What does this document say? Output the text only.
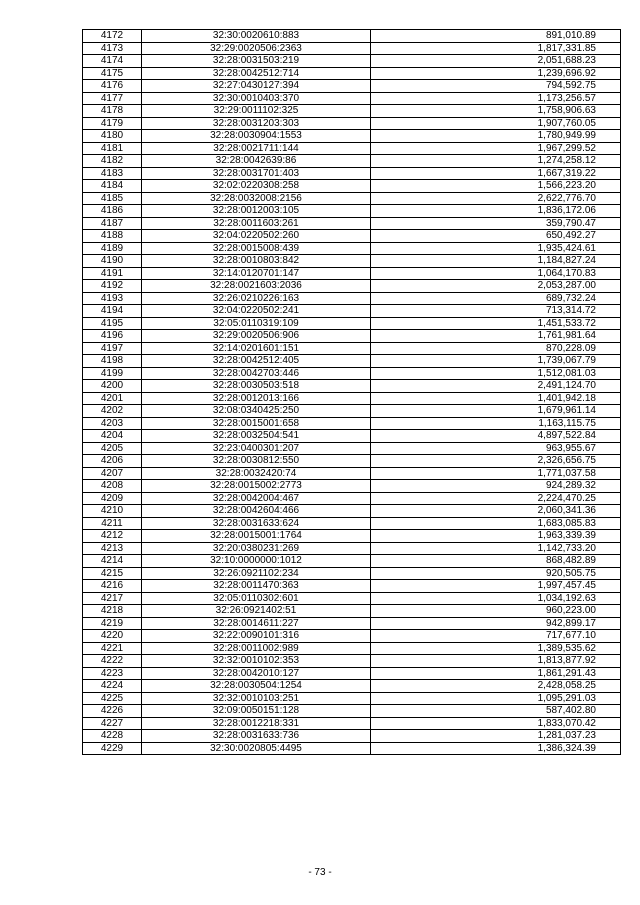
4172	32:30:0020610:883	891,010.89
4173	32:29:0020506:2363	1,817,331.85
4174	32:28:0031503:219	2,051,688.23
4175	32:28:0042512:714	1,239,696.92
4176	32:27:0430127:394	794,592.75
4177	32:30:0010403:370	1,173,256.57
4178	32:29:0011102:325	1,758,906.63
4179	32:28:0031203:303	1,907,760.05
4180	32:28:0030904:1553	1,780,949.99
4181	32:28:0021711:144	1,967,299.52
4182	32:28:0042639:86	1,274,258.12
4183	32:28:0031701:403	1,667,319.22
4184	32:02:0220308:258	1,566,223.20
4185	32:28:0032008:2156	2,622,776.70
4186	32:28:0012003:105	1,836,172.06
4187	32:28:0011603:261	359,790.47
4188	32:04:0220502:260	650,492.27
4189	32:28:0015008:439	1,935,424.61
4190	32:28:0010803:842	1,184,827.24
4191	32:14:0120701:147	1,064,170.83
4192	32:28:0021603:2036	2,053,287.00
4193	32:26:0210226:163	689,732.24
4194	32:04:0220502:241	713,314.72
4195	32:05:0110319:109	1,451,533.72
4196	32:29:0020506:906	1,761,981.64
4197	32:14:0201601:151	870,228.09
4198	32:28:0042512:405	1,739,067.79
4199	32:28:0042703:446	1,512,081.03
4200	32:28:0030503:518	2,491,124.70
4201	32:28:0012013:166	1,401,942.18
4202	32:08:0340425:250	1,679,961.14
4203	32:28:0015001:658	1,163,115.75
4204	32:28:0032504:541	4,897,522.84
4205	32:23:0400301:207	963,955.67
4206	32:28:0030812:550	2,326,656.75
4207	32:28:0032420:74	1,771,037.58
4208	32:28:0015002:2773	924,289.32
4209	32:28:0042004:467	2,224,470.25
4210	32:28:0042604:466	2,060,341.36
4211	32:28:0031633:624	1,683,085.83
4212	32:28:0015001:1764	1,963,339.39
4213	32:20:0380231:269	1,142,733.20
4214	32:10:0000000:1012	868,482.89
4215	32:26:0921102:234	920,505.75
4216	32:28:0011470:363	1,997,457.45
4217	32:05:0110302:601	1,034,192.63
4218	32:26:0921402:51	960,223.00
4219	32:28:0014611:227	942,899.17
4220	32:22:0090101:316	717,677.10
4221	32:28:0011002:989	1,389,535.62
4222	32:32:0010102:353	1,813,877.92
4223	32:28:0042010:127	1,861,291.43
4224	32:28:0030504:1254	2,428,058.25
4225	32:32:0010103:251	1,095,291.03
4226	32:09:0050151:128	587,402.80
4227	32:28:0012218:331	1,833,070.42
4228	32:28:0031633:736	1,281,037.23
4229	32:30:0020805:4495	1,386,324.39
- 73 -
